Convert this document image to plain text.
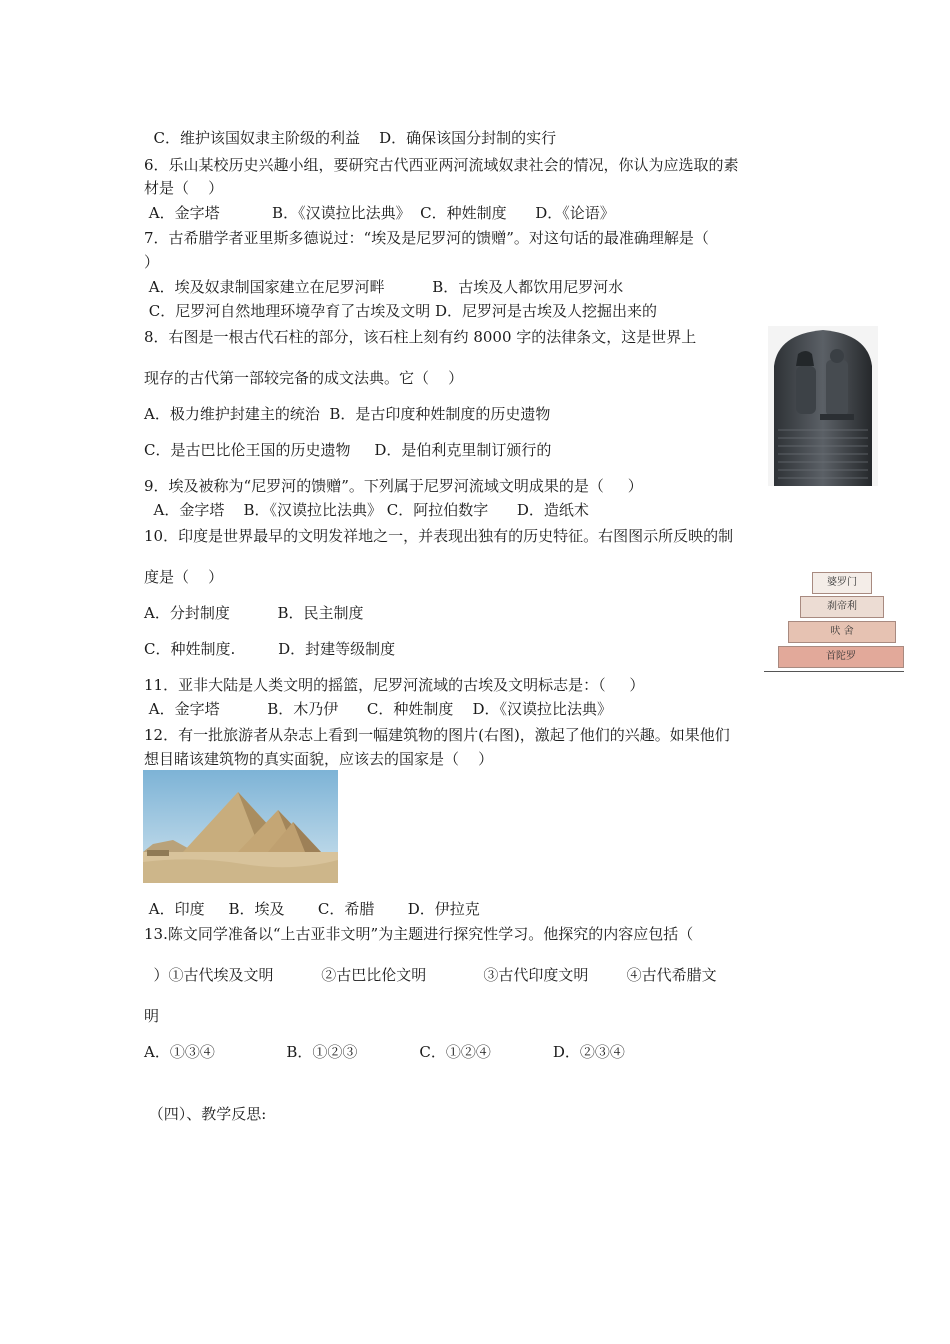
C．维护该国奴隶主阶级的利益    D．确保该国分封制的实行
6．乐山某校历史兴趣小组，要研究古代西亚两河流域奴隶社会的情况，你认为应选取的素
材是（    ）
A．金字塔           B．《汉谟拉比法典》  C．种姓制度      D．《论语》
7．古希腊学者亚里斯多德说过：“埃及是尼罗河的馈赠”。对这句话的最准确理解是（
）
A．埃及奴隶制国家建立在尼罗河畔          B．古埃及人都饮用尼罗河水
C．尼罗河自然地理环境孕育了古埃及文明 D．尼罗河是古埃及人挖掘出来的
8．右图是一根古代石柱的部分，该石柱上刻有约 8000 字的法律条文，这是世界上
现存的古代第一部较完备的成文法典。它（    ）
A．极力维护封建主的统治  B．是古印度种姓制度的历史遗物
C．是古巴比伦王国的历史遗物     D．是伯利克里制订颁行的
9．埃及被称为“尼罗河的馈赠”。下列属于尼罗河流域文明成果的是（     ）
A．金字塔    B．《汉谟拉比法典》 C．阿拉伯数字      D．造纸术
10．印度是世界最早的文明发祥地之一，并表现出独有的历史特征。右图图示所反映的制
度是（    ）
A．分封制度          B．民主制度
C．种姓制度.         D．封建等级制度
11．亚非大陆是人类文明的摇篮，尼罗河流域的古埃及文明标志是：（     ）
A．金字塔          B．木乃伊      C．种姓制度    D．《汉谟拉比法典》
12．有一批旅游者从杂志上看到一幅建筑物的图片(右图)，激起了他们的兴趣。如果他们
想目睹该建筑物的真实面貌，应该去的国家是（    ）
A．印度     B．埃及       C．希腊       D．伊拉克
13.陈文同学准备以“上古亚非文明”为主题进行探究性学习。他探究的内容应包括（
）①古代埃及文明          ②古巴比伦文明            ③古代印度文明        ④古代希腊文
明
A．①③④               B．①②③             C．①②④             D．②③④
（四）、教学反思:
婆罗门
刹帝利
吠 舍
首陀罗
